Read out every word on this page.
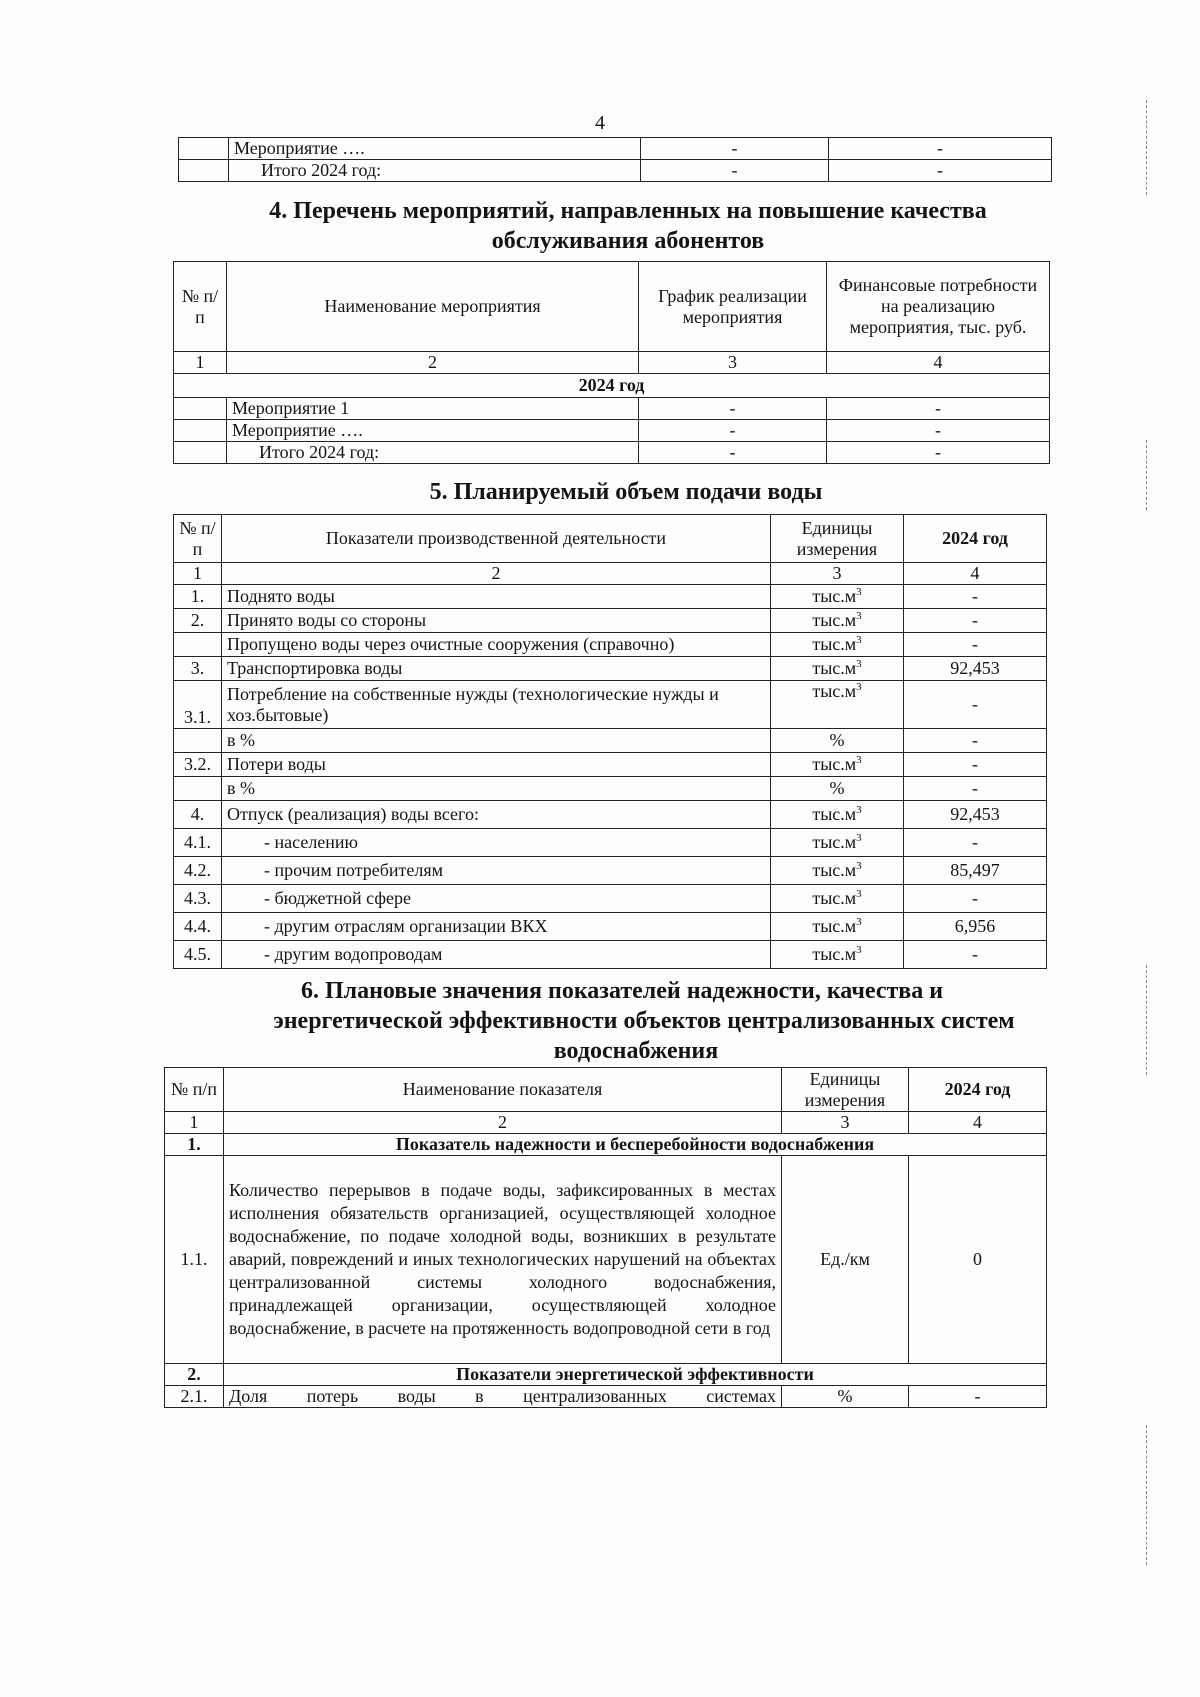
4
	Мероприятие ….	-	-
	Итого 2024 год:	-	-
4. Перечень мероприятий, направленных на повышение качества
обслуживания абонентов
№ п/п	Наименование мероприятия	График реализации мероприятия	Финансовые потребности на реализацию мероприятия, тыс. руб.
1	2	3	4
2024 год			
	Мероприятие 1	-	-
	Мероприятие ….	-	-
	Итого 2024 год:	-	-
5. Планируемый объем подачи воды
№ п/п	Показатели производственной деятельности	Единицы измерения	2024 год
1	2	3	4
1.	Поднято воды	$тыс.м^3$	-
2.	Принято воды со стороны	$тыс.м^3$	-
	Пропущено воды через очистные сооружения (справочно)	$тыс.м^3$	-
3.	Транспортировка воды	$тыс.м^3$	92,453
3.1.	Потребление на собственные нужды (технологические нужды и хоз.бытовые)	$тыс.м^3$	-
	в %	%	-
3.2.	Потери воды	$тыс.м^3$	-
	в %	%	-
4.	Отпуск (реализация) воды всего:	$тыс.м^3$	92,453
4.1.	- населению	$тыс.м^3$	-
4.2.	- прочим потребителям	$тыс.м^3$	85,497
4.3.	- бюджетной сфере	$тыс.м^3$	-
4.4.	- другим отраслям организации ВКХ	$тыс.м^3$	6,956
4.5.	- другим водопроводам	$тыс.м^3$	-
6. Плановые значения показателей надежности, качества и
энергетической эффективности объектов централизованных систем
водоснабжения
№ п/п	Наименование показателя	Единицы измерения	2024 год
1	2	3	4
1.	Показатель надежности и бесперебойности водоснабжения		
1.1.	Количество перерывов в подаче воды, зафиксированных в местах исполнения обязательств организацией, осуществляющей холодное водоснабжение, по подаче холодной воды, возникших в результате аварий, повреждений и иных технологических нарушений на объектах централизованной системы холодного водоснабжения, принадлежащей организации, осуществляющей холодное водоснабжение, в расчете на протяженность водопроводной сети в год	Ед./км	0
2.	Показатели энергетической эффективности		
2.1.	Доля потерь воды в централизованных системах	%	-
